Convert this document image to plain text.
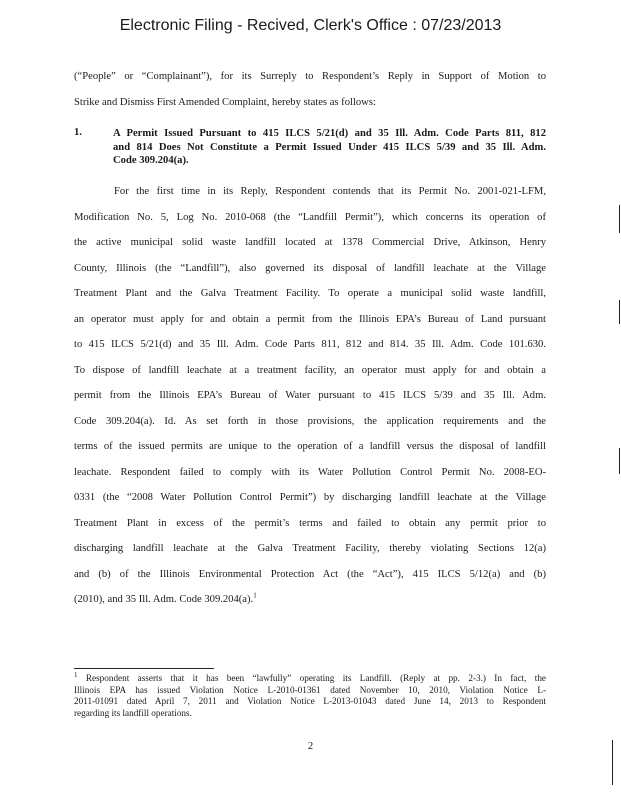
Electronic Filing - Recived, Clerk's Office : 07/23/2013
(“People” or “Complainant”), for its Surreply to Respondent’s Reply in Support of Motion to
Strike and Dismiss First Amended Complaint, hereby states as follows:
1.	A Permit Issued Pursuant to 415 ILCS 5/21(d) and 35 Ill. Adm. Code Parts 811, 812
and 814 Does Not Constitute a Permit Issued Under 415 ILCS 5/39 and 35 Ill. Adm.
Code 309.204(a).
For the first time in its Reply, Respondent contends that its Permit No. 2001-021-LFM,
Modification No. 5, Log No. 2010-068 (the “Landfill Permit”), which concerns its operation of
the active municipal solid waste landfill located at 1378 Commercial Drive, Atkinson, Henry
County, Illinois (the “Landfill”), also governed its disposal of landfill leachate at the Village
Treatment Plant and the Galva Treatment Facility. To operate a municipal solid waste landfill,
an operator must apply for and obtain a permit from the Illinois EPA’s Bureau of Land pursuant
to 415 ILCS 5/21(d) and 35 Ill. Adm. Code Parts 811, 812 and 814. 35 Ill. Adm. Code 101.630.
To dispose of landfill leachate at a treatment facility, an operator must apply for and obtain a
permit from the Illinois EPA’s Bureau of Water pursuant to 415 ILCS 5/39 and 35 Ill. Adm.
Code 309.204(a). Id. As set forth in those provisions, the application requirements and the
terms of the issued permits are unique to the operation of a landfill versus the disposal of landfill
leachate. Respondent failed to comply with its Water Pollution Control Permit No. 2008-EO-
0331 (the “2008 Water Pollution Control Permit”) by discharging landfill leachate at the Village
Treatment Plant in excess of the permit’s terms and failed to obtain any permit prior to
discharging landfill leachate at the Galva Treatment Facility, thereby violating Sections 12(a)
and (b) of the Illinois Environmental Protection Act (the “Act”), 415 ILCS 5/12(a) and (b)
(2010), and 35 Ill. Adm. Code 309.204(a).$^1$
$^1$ Respondent asserts that it has been “lawfully” operating its Landfill. (Reply at pp. 2-3.) In fact, the
Illinois EPA has issued Violation Notice L-2010-01361 dated November 10, 2010, Violation Notice L-
2011-01091 dated April 7, 2011 and Violation Notice L-2013-01043 dated June 14, 2013 to Respondent
regarding its landfill operations.
2
